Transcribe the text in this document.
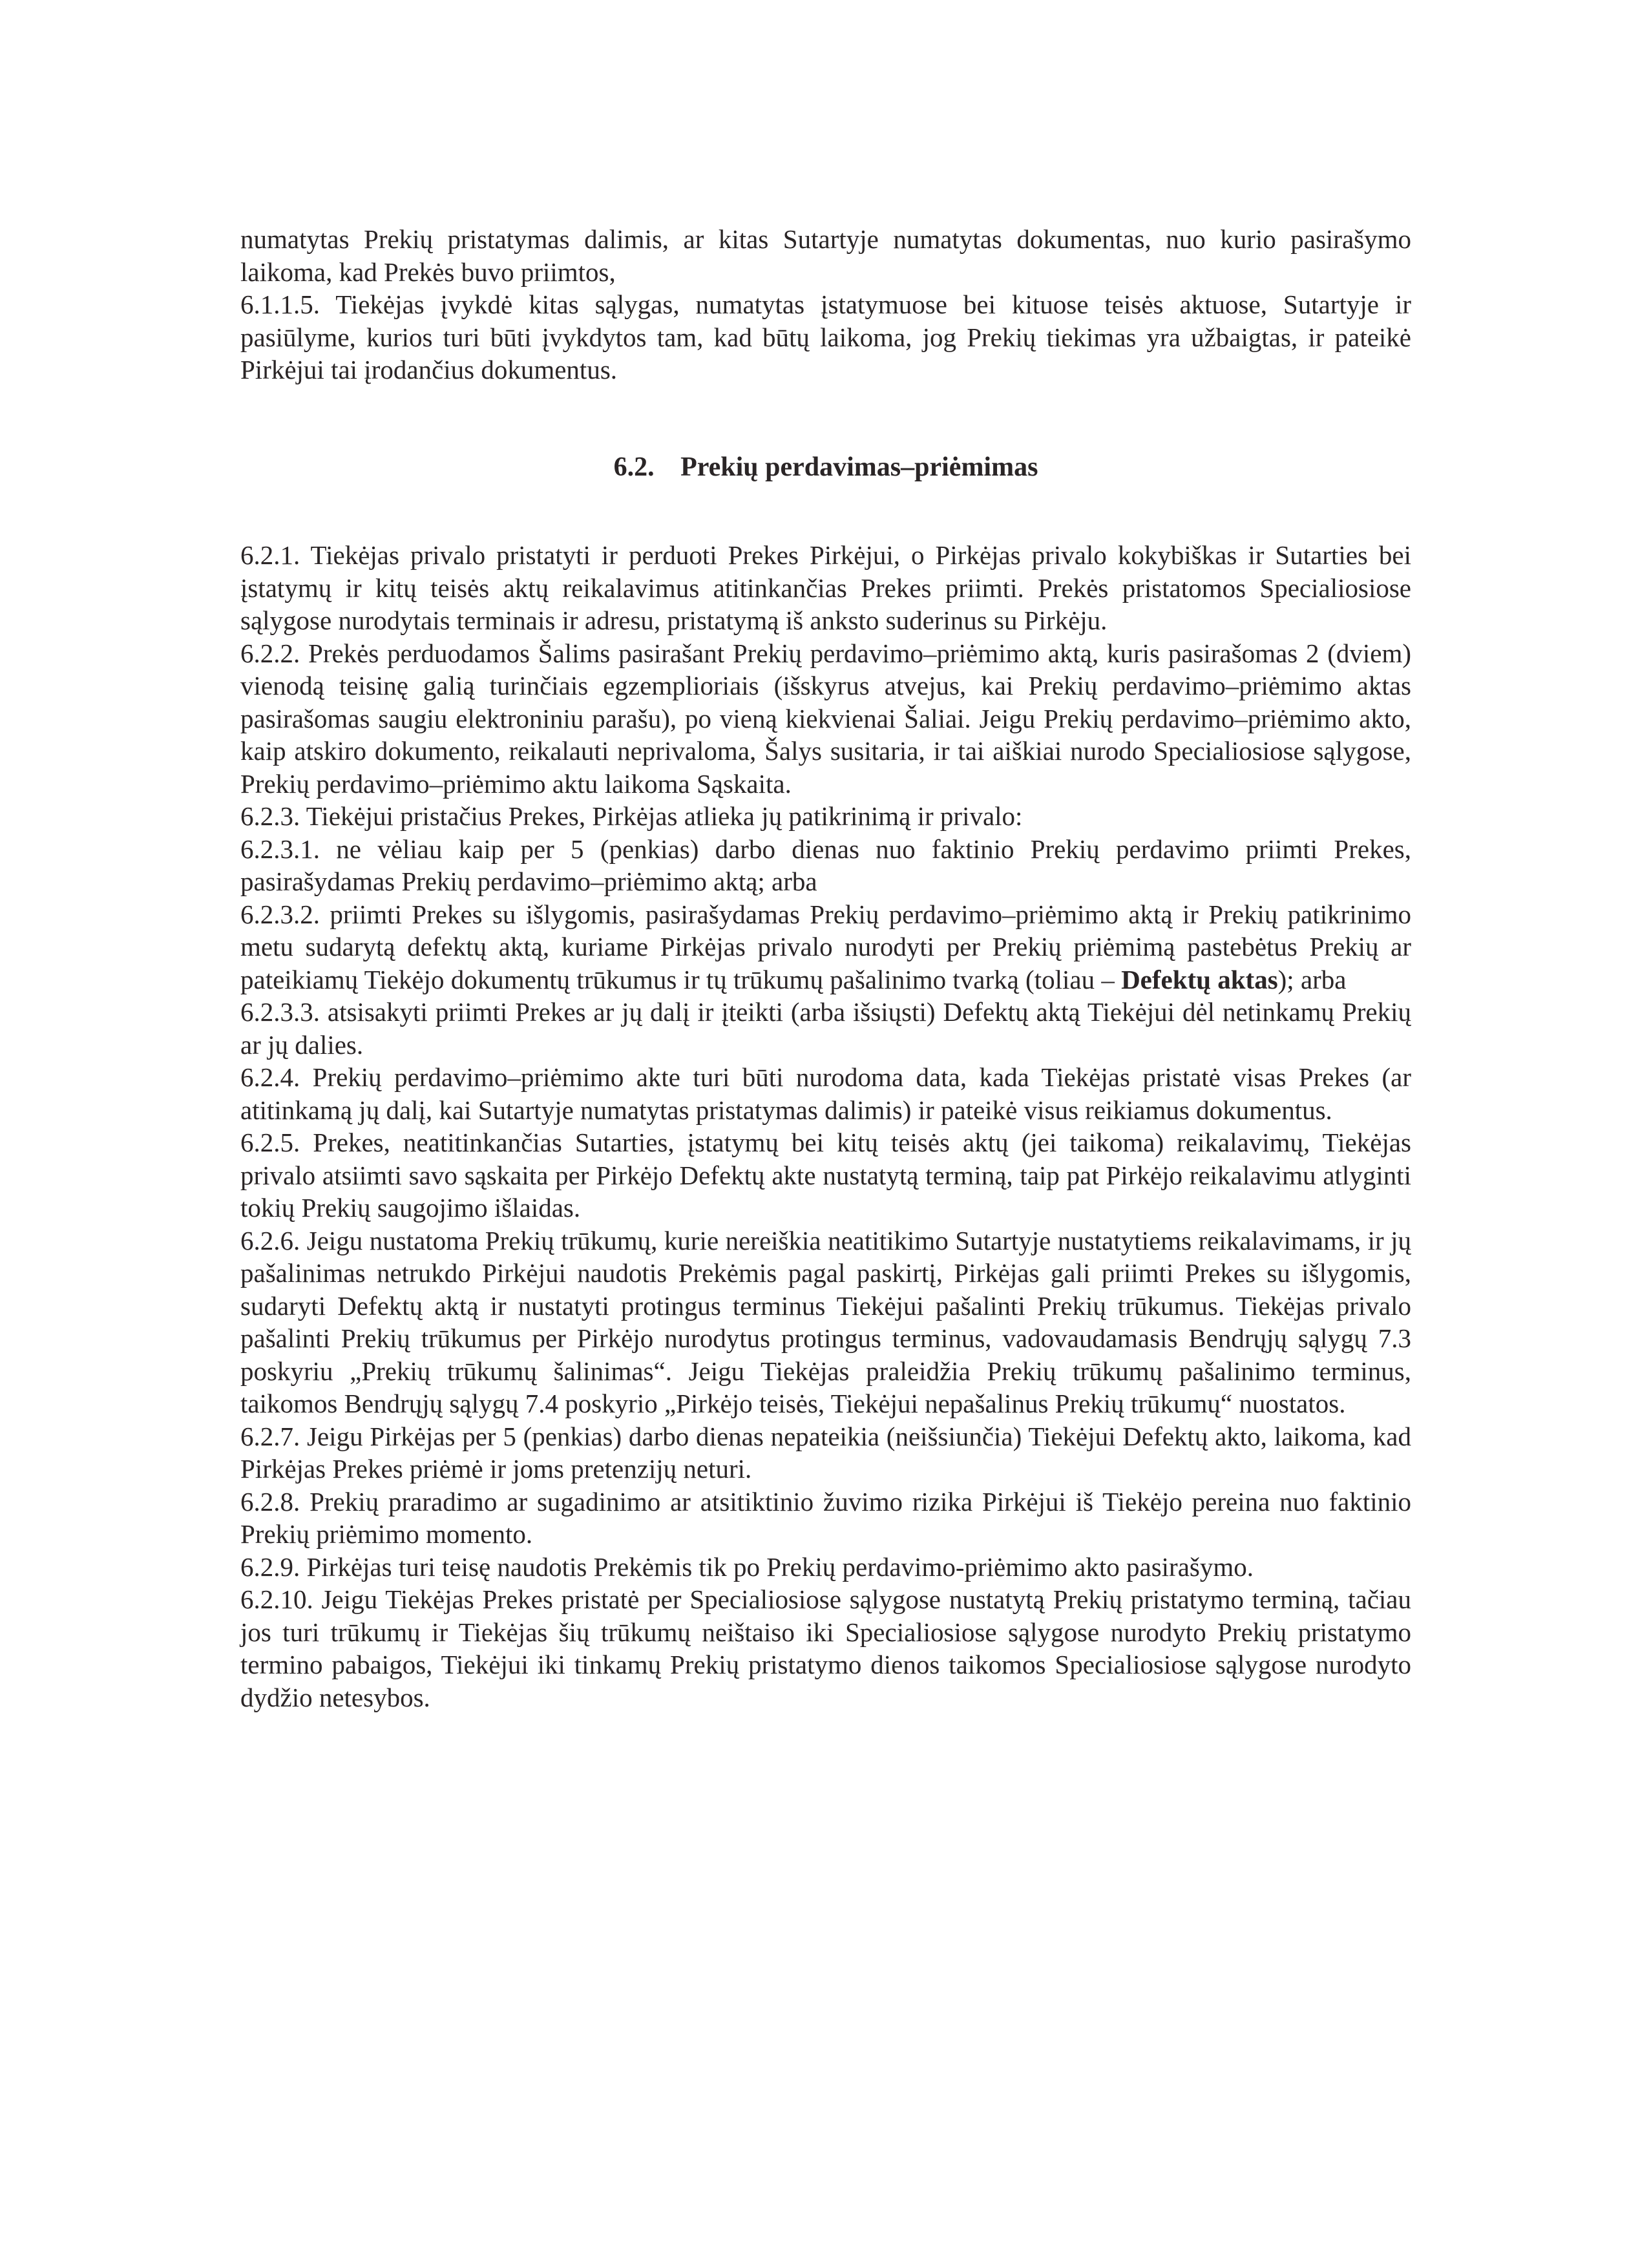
numatytas Prekių pristatymas dalimis, ar kitas Sutartyje numatytas dokumentas, nuo kurio pasirašymo laikoma, kad Prekės buvo priimtos,

6.1.1.5. Tiekėjas įvykdė kitas sąlygas, numatytas įstatymuose bei kituose teisės aktuose, Sutartyje ir pasiūlyme, kurios turi būti įvykdytos tam, kad būtų laikoma, jog Prekių tiekimas yra užbaigtas, ir pateikė Pirkėjui tai įrodančius dokumentus.

6.2. Prekių perdavimas–priėmimas

6.2.1. Tiekėjas privalo pristatyti ir perduoti Prekes Pirkėjui, o Pirkėjas privalo kokybiškas ir Sutarties bei įstatymų ir kitų teisės aktų reikalavimus atitinkančias Prekes priimti. Prekės pristatomos Specialiosiose sąlygose nurodytais terminais ir adresu, pristatymą iš anksto suderinus su Pirkėju.

6.2.2. Prekės perduodamos Šalims pasirašant Prekių perdavimo–priėmimo aktą, kuris pasirašomas 2 (dviem) vienodą teisinę galią turinčiais egzemplioriais (išskyrus atvejus, kai Prekių perdavimo–priėmimo aktas pasirašomas saugiu elektroniniu parašu), po vieną kiekvienai Šaliai. Jeigu Prekių perdavimo–priėmimo akto, kaip atskiro dokumento, reikalauti neprivaloma, Šalys susitaria, ir tai aiškiai nurodo Specialiosiose sąlygose, Prekių perdavimo–priėmimo aktu laikoma Sąskaita.

6.2.3. Tiekėjui pristačius Prekes, Pirkėjas atlieka jų patikrinimą ir privalo:

6.2.3.1. ne vėliau kaip per 5 (penkias) darbo dienas nuo faktinio Prekių perdavimo priimti Prekes, pasirašydamas Prekių perdavimo–priėmimo aktą; arba

6.2.3.2. priimti Prekes su išlygomis, pasirašydamas Prekių perdavimo–priėmimo aktą ir Prekių patikrinimo metu sudarytą defektų aktą, kuriame Pirkėjas privalo nurodyti per Prekių priėmimą pastebėtus Prekių ar pateikiamų Tiekėjo dokumentų trūkumus ir tų trūkumų pašalinimo tvarką (toliau – Defektų aktas); arba

6.2.3.3. atsisakyti priimti Prekes ar jų dalį ir įteikti (arba išsiųsti) Defektų aktą Tiekėjui dėl netinkamų Prekių ar jų dalies.

6.2.4. Prekių perdavimo–priėmimo akte turi būti nurodoma data, kada Tiekėjas pristatė visas Prekes (ar atitinkamą jų dalį, kai Sutartyje numatytas pristatymas dalimis) ir pateikė visus reikiamus dokumentus.

6.2.5. Prekes, neatitinkančias Sutarties, įstatymų bei kitų teisės aktų (jei taikoma) reikalavimų, Tiekėjas privalo atsiimti savo sąskaita per Pirkėjo Defektų akte nustatytą terminą, taip pat Pirkėjo reikalavimu atlyginti tokių Prekių saugojimo išlaidas.

6.2.6. Jeigu nustatoma Prekių trūkumų, kurie nereiškia neatitikimo Sutartyje nustatytiems reikalavimams, ir jų pašalinimas netrukdo Pirkėjui naudotis Prekėmis pagal paskirtį, Pirkėjas gali priimti Prekes su išlygomis, sudaryti Defektų aktą ir nustatyti protingus terminus Tiekėjui pašalinti Prekių trūkumus. Tiekėjas privalo pašalinti Prekių trūkumus per Pirkėjo nurodytus protingus terminus, vadovaudamasis Bendrųjų sąlygų 7.3 poskyriu „Prekių trūkumų šalinimas“. Jeigu Tiekėjas praleidžia Prekių trūkumų pašalinimo terminus, taikomos Bendrųjų sąlygų 7.4 poskyrio „Pirkėjo teisės, Tiekėjui nepašalinus Prekių trūkumų“ nuostatos.

6.2.7. Jeigu Pirkėjas per 5 (penkias) darbo dienas nepateikia (neišsiunčia) Tiekėjui Defektų akto, laikoma, kad Pirkėjas Prekes priėmė ir joms pretenzijų neturi.

6.2.8. Prekių praradimo ar sugadinimo ar atsitiktinio žuvimo rizika Pirkėjui iš Tiekėjo pereina nuo faktinio Prekių priėmimo momento.

6.2.9. Pirkėjas turi teisę naudotis Prekėmis tik po Prekių perdavimo-priėmimo akto pasirašymo.

6.2.10. Jeigu Tiekėjas Prekes pristatė per Specialiosiose sąlygose nustatytą Prekių pristatymo terminą, tačiau jos turi trūkumų ir Tiekėjas šių trūkumų neištaiso iki Specialiosiose sąlygose nurodyto Prekių pristatymo termino pabaigos, Tiekėjui iki tinkamų Prekių pristatymo dienos taikomos Specialiosiose sąlygose nurodyto dydžio netesybos.
